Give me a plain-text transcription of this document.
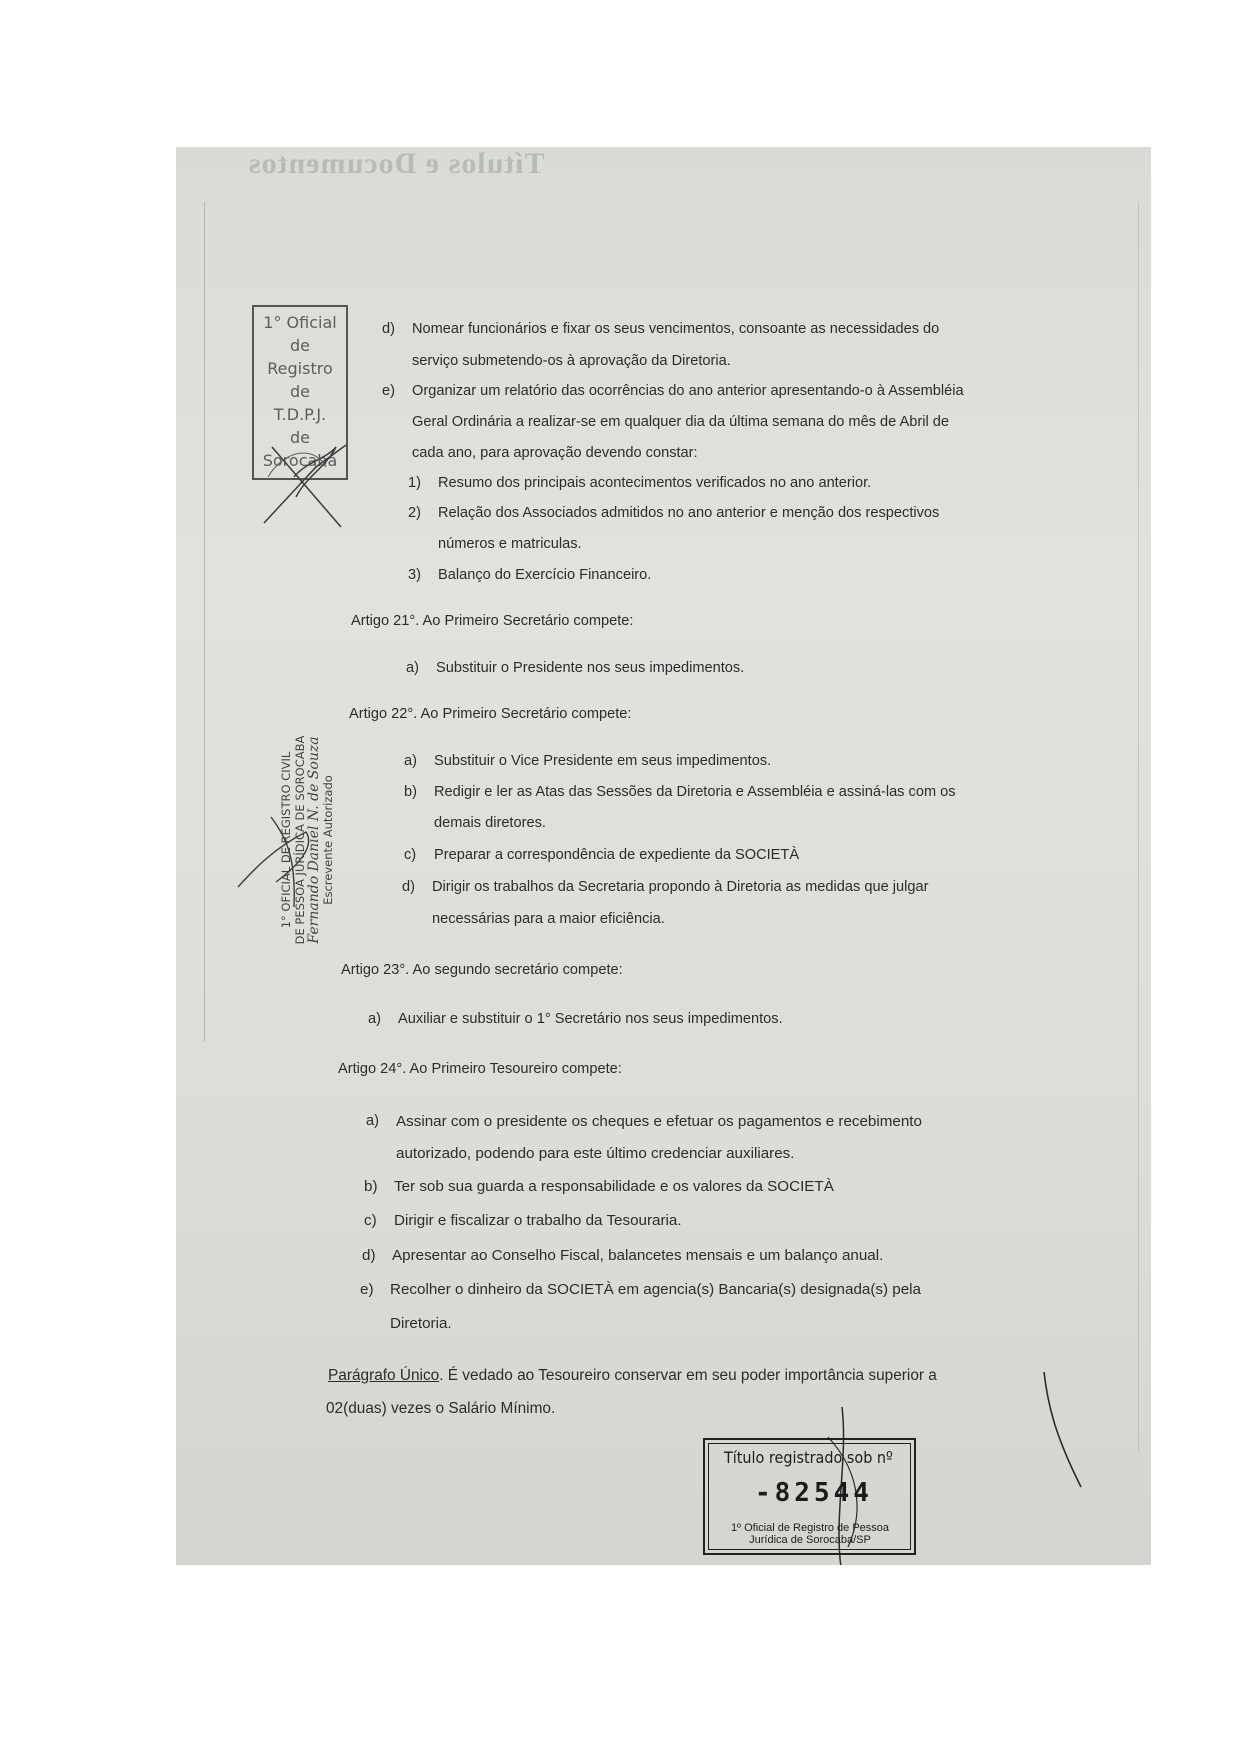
Títulos e Documentos
1° Oficial
de
Registro
de
T.D.P.J.
de
Sorocaba
1° OFICIAL DE REGISTRO CIVIL DE PESSOA JURÍDICA DE SOROCABA Fernando Daniel N. de Souza Escrevente Autorizado
d) Nomear funcionários e fixar os seus vencimentos, consoante as necessidades do
serviço submetendo-os à aprovação da Diretoria.
e) Organizar um relatório das ocorrências do ano anterior apresentando-o à Assembléia
Geral Ordinária a realizar-se em qualquer dia da última semana do mês de Abril de
cada ano, para aprovação devendo constar:
1) Resumo dos principais acontecimentos verificados no ano anterior.
2) Relação dos Associados admitidos no ano anterior e menção dos respectivos
números e matriculas.
3) Balanço do Exercício Financeiro.
Artigo 21°. Ao Primeiro Secretário compete:
a) Substituir o Presidente nos seus impedimentos.
Artigo 22°. Ao Primeiro Secretário compete:
a) Substituir o Vice Presidente em seus impedimentos.
b) Redigir e ler as Atas das Sessões da Diretoria e Assembléia e assiná-las com os
demais diretores.
c) Preparar a correspondência de expediente da SOCIETÀ
d) Dirigir os trabalhos da Secretaria propondo à Diretoria as medidas que julgar
necessárias para a maior eficiência.
Artigo 23°. Ao segundo secretário compete:
a) Auxiliar e substituir o 1° Secretário nos seus impedimentos.
Artigo 24°. Ao Primeiro Tesoureiro compete:
a) Assinar com o presidente os cheques e efetuar os pagamentos e recebimento
autorizado, podendo para este último credenciar auxiliares.
b) Ter sob sua guarda a responsabilidade e os valores da SOCIETÀ
c) Dirigir e fiscalizar o trabalho da Tesouraria.
d) Apresentar ao Conselho Fiscal, balancetes mensais e um balanço anual.
e) Recolher o dinheiro da SOCIETÀ em agencia(s) Bancaria(s) designada(s) pela
Diretoria.
Parágrafo Único. É vedado ao Tesoureiro conservar em seu poder importância superior a
02(duas) vezes o Salário Mínimo.
Título registrado sob nº
-82544
1º Oficial de Registro de Pessoa
Jurídica de Sorocaba/SP
